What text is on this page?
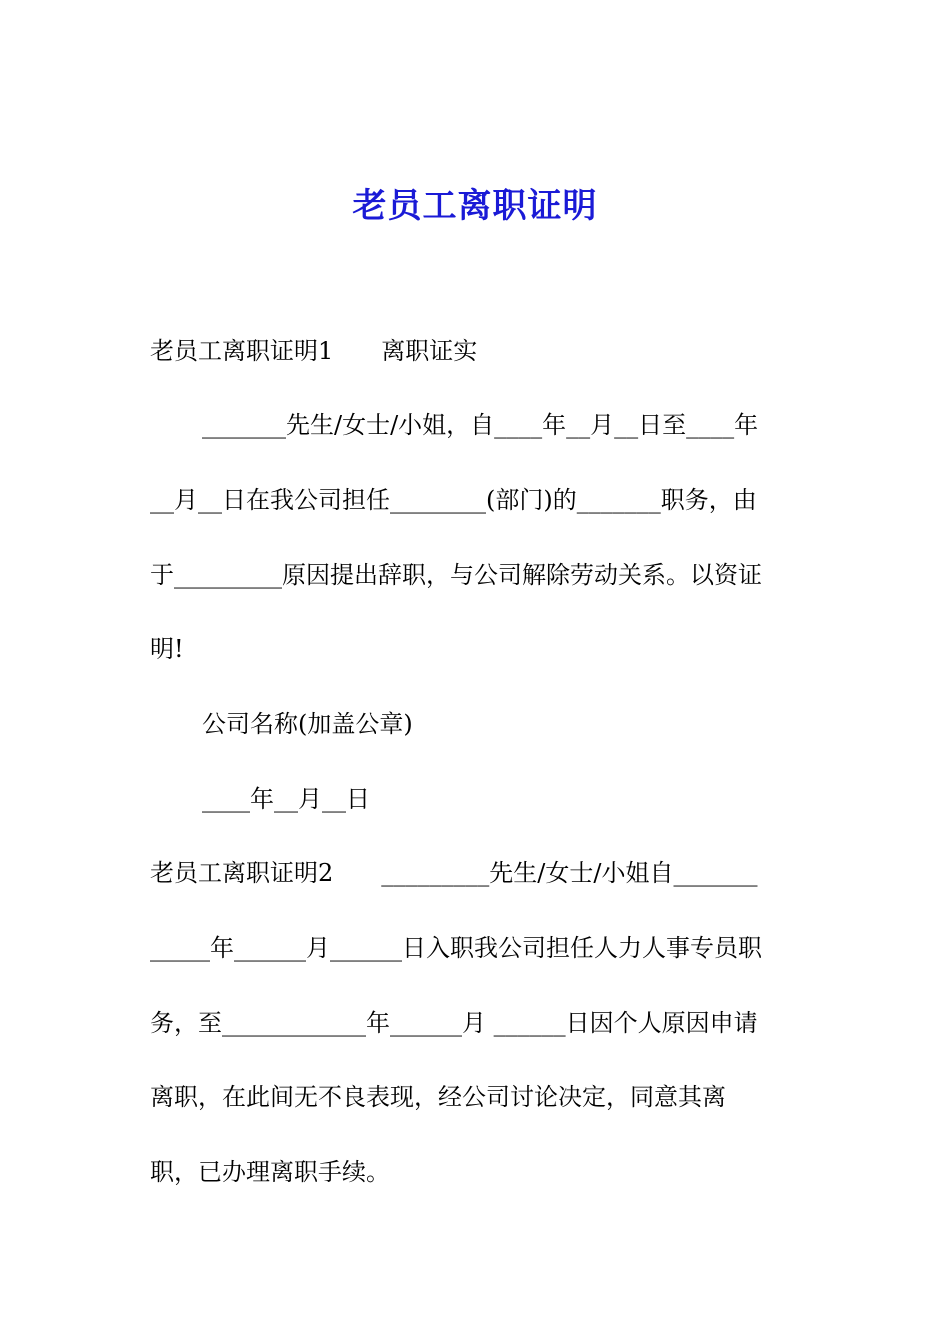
老员工离职证明
老员工离职证明1　　离职证实
_______先生/女士/小姐，自____年__月__日至____年
__月__日在我公司担任________(部门)的_______职务，由
于_________原因提出辞职，与公司解除劳动关系。以资证
明!
公司名称(加盖公章)
____年__月__日
老员工离职证明2　　_________先生/女士/小姐自_______
_____年______月______日入职我公司担任人力人事专员职
务，至____________年______月 ______日因个人原因申请
离职，在此间无不良表现，经公司讨论决定，同意其离
职，已办理离职手续。
